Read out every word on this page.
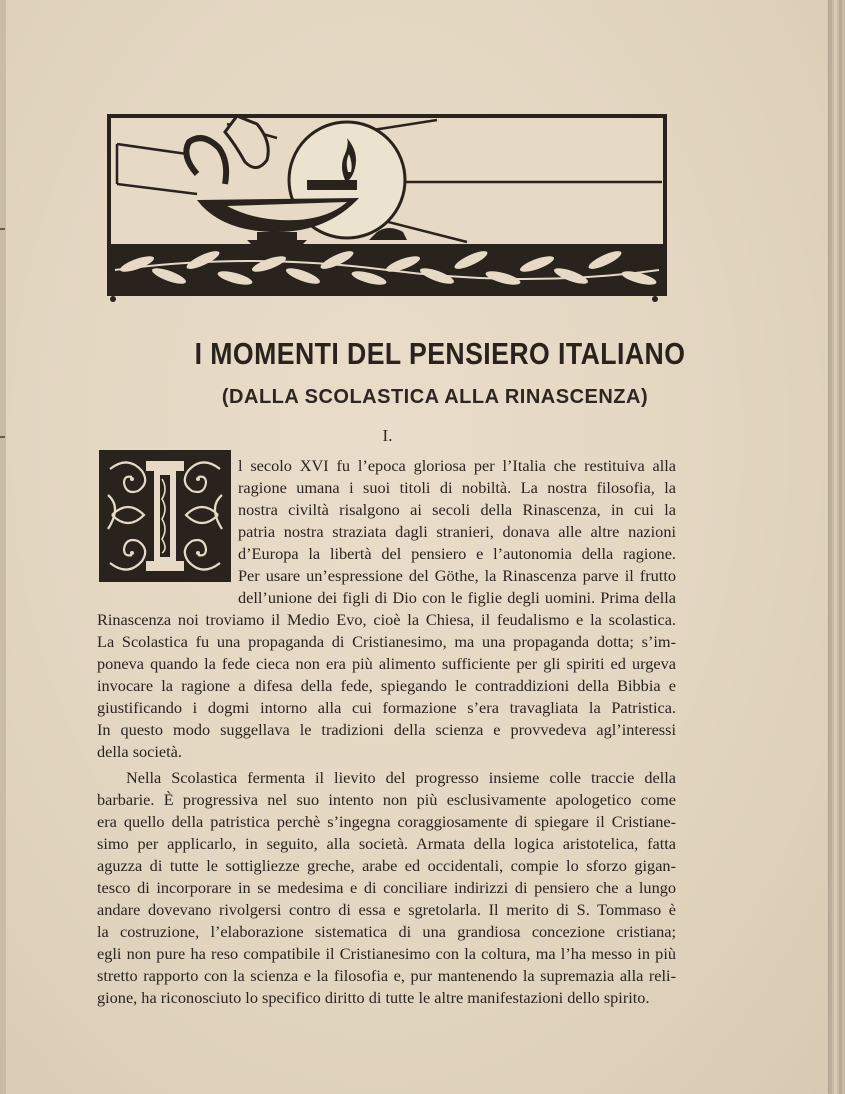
I MOMENTI DEL PENSIERO ITALIANO
(DALLA SCOLASTICA ALLA RINASCENZA)
I.

l secolo XVI fu l’epoca gloriosa per l’Italia che restituiva alla

ragione umana i suoi titoli di nobiltà. La nostra filosofia, la

nostra civiltà risalgono ai secoli della Rinascenza, in cui la

patria nostra straziata dagli stranieri, donava alle altre nazioni

d’Europa la libertà del pensiero e l’autonomia della ragione.

Per usare un’espressione del Göthe, la Rinascenza parve il frutto

dell’unione dei figli di Dio con le figlie degli uomini. Prima della

Rinascenza noi troviamo il Medio Evo, cioè la Chiesa, il feudalismo e la scolastica.

La Scolastica fu una propaganda di Cristianesimo, ma una propaganda dotta; s’im-

poneva quando la fede cieca non era più alimento sufficiente per gli spiriti ed urgeva

invocare la ragione a difesa della fede, spiegando le contraddizioni della Bibbia e

giustificando i dogmi intorno alla cui formazione s’era travagliata la Patristica.

In questo modo suggellava le tradizioni della scienza e provvedeva agl’interessi

della società.

Nella Scolastica fermenta il lievito del progresso insieme colle traccie della

barbarie. È progressiva nel suo intento non più esclusivamente apologetico come

era quello della patristica perchè s’ingegna coraggiosamente di spiegare il Cristiane-

simo per applicarlo, in seguito, alla società. Armata della logica aristotelica, fatta

aguzza di tutte le sottigliezze greche, arabe ed occidentali, compie lo sforzo gigan-

tesco di incorporare in se medesima e di conciliare indirizzi di pensiero che a lungo

andare dovevano rivolgersi contro di essa e sgretolarla. Il merito di S. Tommaso è

la costruzione, l’elaborazione sistematica di una grandiosa concezione cristiana;

egli non pure ha reso compatibile il Cristianesimo con la coltura, ma l’ha messo in più

stretto rapporto con la scienza e la filosofia e, pur mantenendo la supremazia alla reli-

gione, ha riconosciuto lo specifico diritto di tutte le altre manifestazioni dello spirito.
